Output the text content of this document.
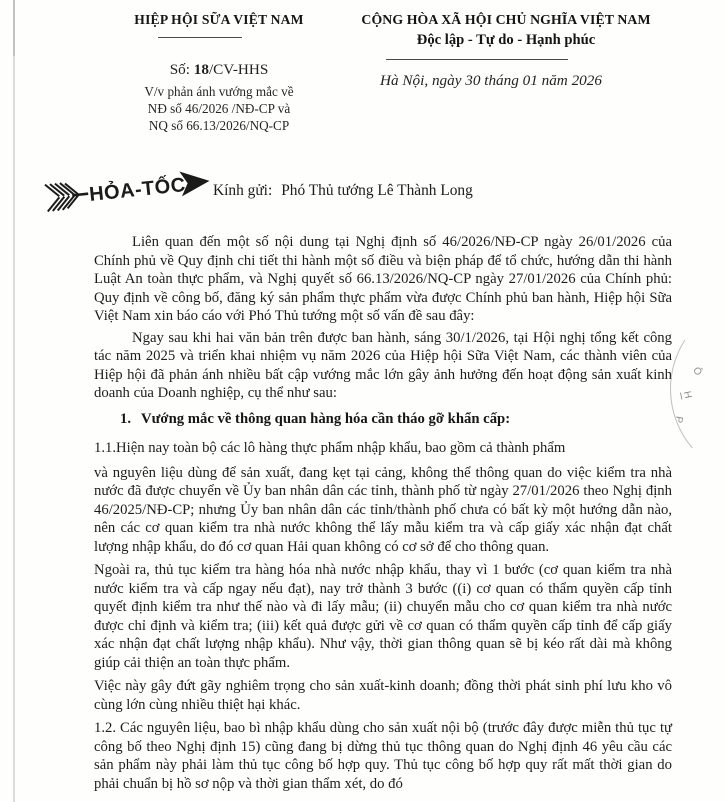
HIỆP HỘI SỮA VIỆT NAM
Số: 18/CV-HHS
V/v phản ánh vướng mắc về
NĐ số 46/2026 /NĐ-CP và
NQ số 66.13/2026/NQ-CP
CỘNG HÒA XÃ HỘI CHỦ NGHĨA VIỆT NAM
Độc lập - Tự do - Hạnh phúc
Hà Nội, ngày 30 tháng 01 năm 2026
HỎA-TỐC Kính gửi: Phó Thủ tướng Lê Thành Long

Liên quan đến một số nội dung tại Nghị định số 46/2026/NĐ-CP ngày 26/01/2026 của Chính phủ về Quy định chi tiết thi hành một số điều và biện pháp để tổ chức, hướng dẫn thi hành Luật An toàn thực phẩm, và Nghị quyết số 66.13/2026/NQ-CP ngày 27/01/2026 của Chính phủ: Quy định về công bố, đăng ký sản phẩm thực phẩm vừa được Chính phủ ban hành, Hiệp hội Sữa Việt Nam xin báo cáo với Phó Thủ tướng một số vấn đề sau đây:

Ngay sau khi hai văn bản trên được ban hành, sáng 30/1/2026, tại Hội nghị tổng kết công tác năm 2025 và triển khai nhiệm vụ năm 2026 của Hiệp hội Sữa Việt Nam, các thành viên của Hiệp hội đã phản ánh nhiều bất cập vướng mắc lớn gây ảnh hưởng đến hoạt động sản xuất kinh doanh của Doanh nghiệp, cụ thể như sau:

1. Vướng mắc về thông quan hàng hóa cần tháo gỡ khẩn cấp:

1.1.Hiện nay toàn bộ các lô hàng thực phẩm nhập khẩu, bao gồm cả thành phẩm

và nguyên liệu dùng để sản xuất, đang kẹt tại cảng, không thể thông quan do việc kiểm tra nhà nước đã được chuyển về Ủy ban nhân dân các tỉnh, thành phố từ ngày 27/01/2026 theo Nghị định 46/2025/NĐ-CP; nhưng Ủy ban nhân dân các tỉnh/thành phố chưa có bất kỳ một hướng dẫn nào, nên các cơ quan kiểm tra nhà nước không thể lấy mẫu kiểm tra và cấp giấy xác nhận đạt chất lượng nhập khẩu, do đó cơ quan Hải quan không có cơ sở để cho thông quan.

Ngoài ra, thủ tục kiểm tra hàng hóa nhà nước nhập khẩu, thay vì 1 bước (cơ quan kiểm tra nhà nước kiểm tra và cấp ngay nếu đạt), nay trở thành 3 bước ((i) cơ quan có thẩm quyền cấp tỉnh quyết định kiểm tra như thế nào và đi lấy mẫu; (ii) chuyển mẫu cho cơ quan kiểm tra nhà nước được chỉ định và kiểm tra; (iii) kết quả được gửi về cơ quan có thẩm quyền cấp tỉnh để cấp giấy xác nhận đạt chất lượng nhập khẩu). Như vậy, thời gian thông quan sẽ bị kéo rất dài mà không giúp cải thiện an toàn thực phẩm.

Việc này gây đứt gãy nghiêm trọng cho sản xuất-kinh doanh; đồng thời phát sinh phí lưu kho vô cùng lớn cùng nhiều thiệt hại khác.

1.2. Các nguyên liệu, bao bì nhập khẩu dùng cho sản xuất nội bộ (trước đây được miễn thủ tục tự công bố theo Nghị định 15) cũng đang bị dừng thủ tục thông quan do Nghị định 46 yêu cầu các sản phẩm này phải làm thủ tục công bố hợp quy. Thủ tục công bố hợp quy rất mất thời gian do phải chuẩn bị hồ sơ nộp và thời gian thẩm xét, do đó

Ô
H
P
